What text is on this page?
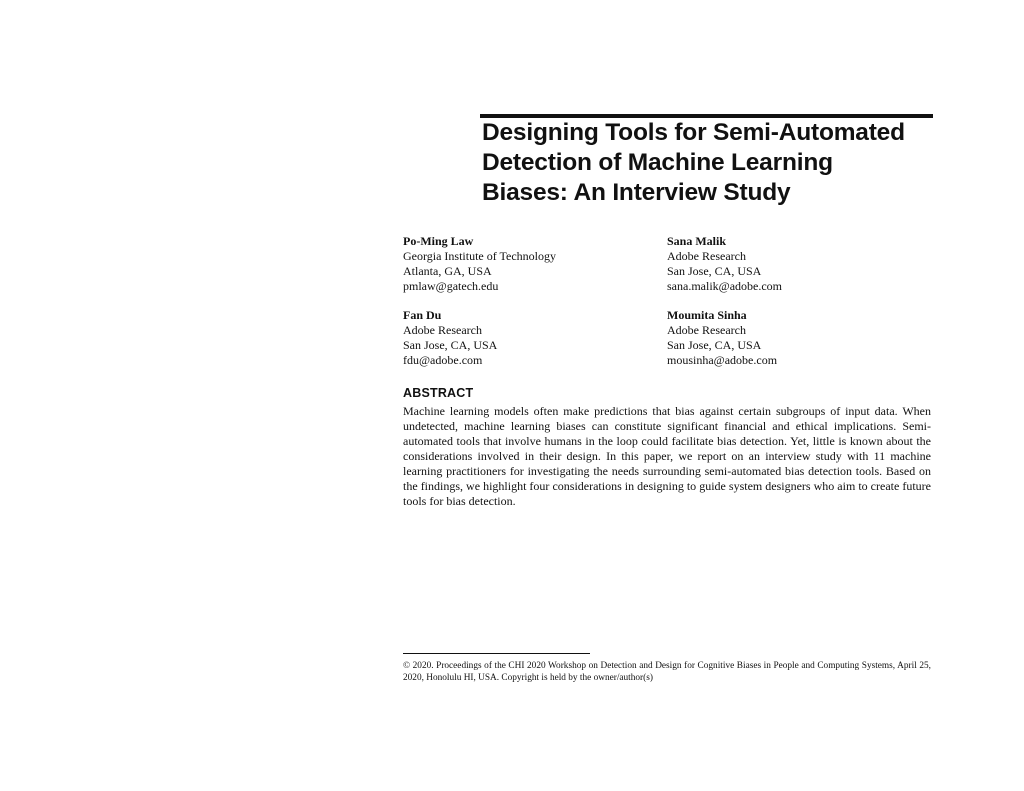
Designing Tools for Semi-Automated
Detection of Machine Learning
Biases: An Interview Study
Po-Ming Law
Georgia Institute of Technology
Atlanta, GA, USA
pmlaw@gatech.edu
Sana Malik
Adobe Research
San Jose, CA, USA
sana.malik@adobe.com
Fan Du
Adobe Research
San Jose, CA, USA
fdu@adobe.com
Moumita Sinha
Adobe Research
San Jose, CA, USA
mousinha@adobe.com
ABSTRACT

Machine learning models often make predictions that bias against certain subgroups of input data. When undetected, machine learning biases can constitute significant financial and ethical implications. Semi-automated tools that involve humans in the loop could facilitate bias detection. Yet, little is known about the considerations involved in their design. In this paper, we report on an interview study with 11 machine learning practitioners for investigating the needs surrounding semi-automated bias detection tools. Based on the findings, we highlight four considerations in designing to guide system designers who aim to create future tools for bias detection.

© 2020. Proceedings of the CHI 2020 Workshop on Detection and Design for Cognitive Biases in People and Computing Systems, April 25, 2020, Honolulu HI, USA. Copyright is held by the owner/author(s)
